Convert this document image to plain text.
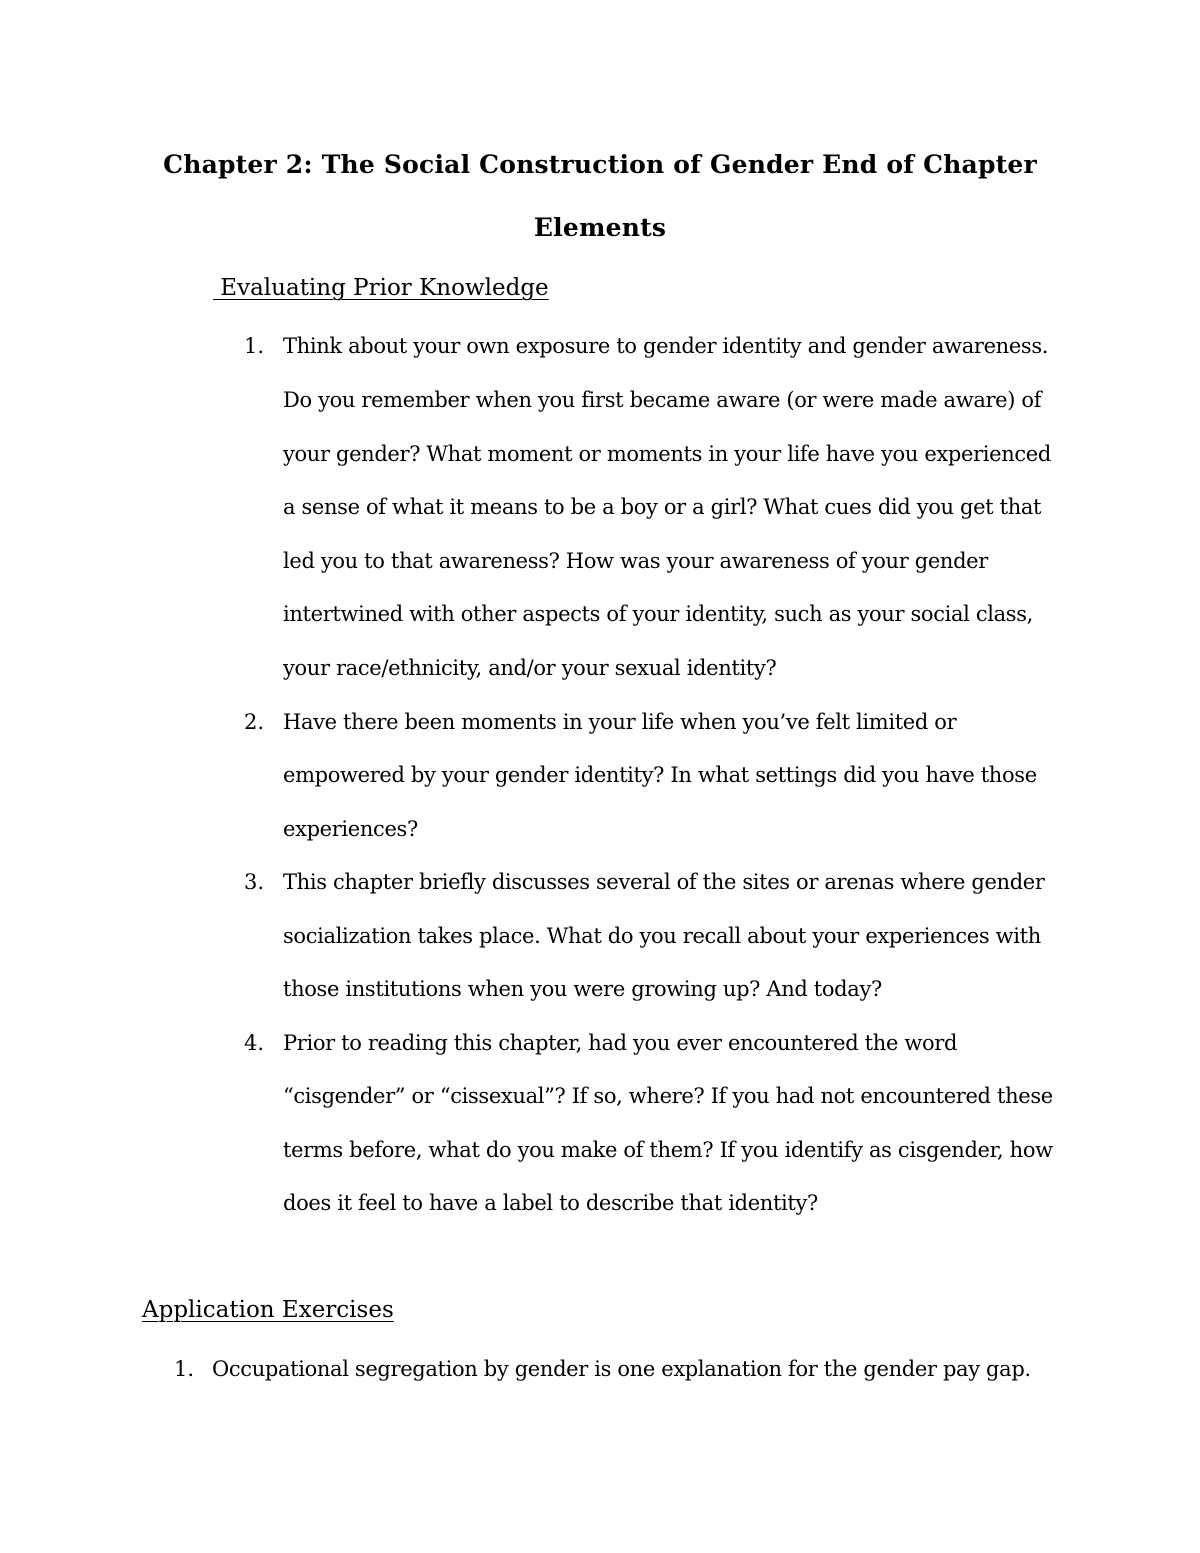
Chapter 2: The Social Construction of Gender End of Chapter
Elements
Evaluating Prior Knowledge
1. Think about your own exposure to gender identity and gender awareness.
Do you remember when you first became aware (or were made aware) of
your gender? What moment or moments in your life have you experienced
a sense of what it means to be a boy or a girl? What cues did you get that
led you to that awareness? How was your awareness of your gender
intertwined with other aspects of your identity, such as your social class,
your race/ethnicity, and/or your sexual identity?
2. Have there been moments in your life when you’ve felt limited or
empowered by your gender identity? In what settings did you have those
experiences?
3. This chapter briefly discusses several of the sites or arenas where gender
socialization takes place. What do you recall about your experiences with
those institutions when you were growing up? And today?
4. Prior to reading this chapter, had you ever encountered the word
“cisgender” or “cissexual”? If so, where? If you had not encountered these
terms before, what do you make of them? If you identify as cisgender, how
does it feel to have a label to describe that identity?
Application Exercises
1. Occupational segregation by gender is one explanation for the gender pay gap.
